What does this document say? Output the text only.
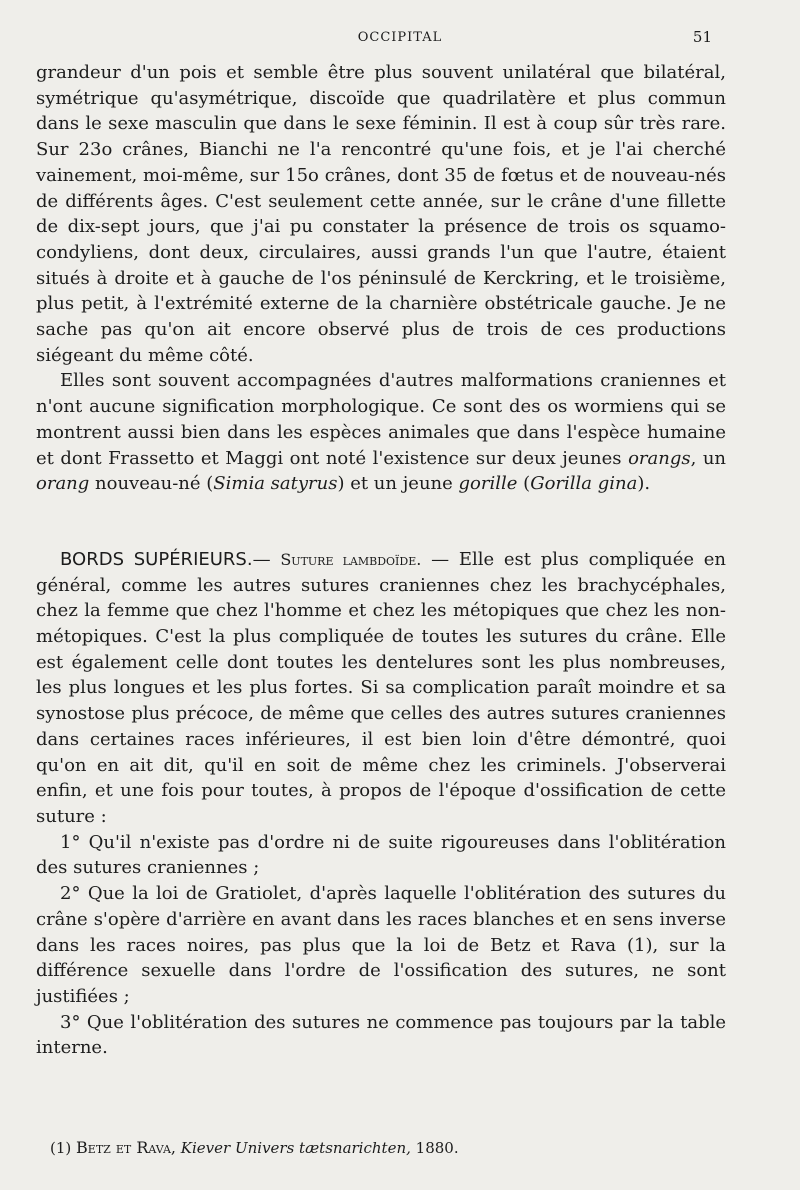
OCCIPITAL	51

grandeur d'un pois et semble être plus souvent unilatéral que bilatéral, symétrique qu'asymétrique, discoïde que quadrilatère et plus commun dans le sexe masculin que dans le sexe féminin. Il est à coup sûr très rare. Sur 23o crânes, Bianchi ne l'a rencontré qu'une fois, et je l'ai cherché vainement, moi-même, sur 15o crânes, dont 35 de fœtus et de nouveau-nés de différents âges. C'est seulement cette année, sur le crâne d'une fillette de dix-sept jours, que j'ai pu constater la présence de trois os squamo-condyliens, dont deux, circulaires, aussi grands l'un que l'autre, étaient situés à droite et à gauche de l'os péninsulé de Kerckring, et le troisième, plus petit, à l'extrémité externe de la charnière obstétricale gauche. Je ne sache pas qu'on ait encore observé plus de trois de ces productions siégeant du même côté.

Elles sont souvent accompagnées d'autres malformations craniennes et n'ont aucune signification morphologique. Ce sont des os wormiens qui se montrent aussi bien dans les espèces animales que dans l'espèce humaine et dont Frassetto et Maggi ont noté l'existence sur deux jeunes orangs, un orang nouveau-né (Simia satyrus) et un jeune gorille (Gorilla gina).

BORDS SUPÉRIEURS.— Suture lambdoïde. — Elle est plus compliquée en général, comme les autres sutures craniennes chez les brachycéphales, chez la femme que chez l'homme et chez les métopiques que chez les non-métopiques. C'est la plus compliquée de toutes les sutures du crâne. Elle est également celle dont toutes les dentelures sont les plus nombreuses, les plus longues et les plus fortes. Si sa complication paraît moindre et sa synostose plus précoce, de même que celles des autres sutures craniennes dans certaines races inférieures, il est bien loin d'être démontré, quoi qu'on en ait dit, qu'il en soit de même chez les criminels. J'observerai enfin, et une fois pour toutes, à propos de l'époque d'ossification de cette suture :

1° Qu'il n'existe pas d'ordre ni de suite rigoureuses dans l'oblitération des sutures craniennes ;

2° Que la loi de Gratiolet, d'après laquelle l'oblitération des sutures du crâne s'opère d'arrière en avant dans les races blanches et en sens inverse dans les races noires, pas plus que la loi de Betz et Rava (1), sur la différence sexuelle dans l'ordre de l'ossification des sutures, ne sont justifiées ;

3° Que l'oblitération des sutures ne commence pas toujours par la table interne.

(1) Betz et Rava, Kiever Univers tætsnarichten, 1880.
